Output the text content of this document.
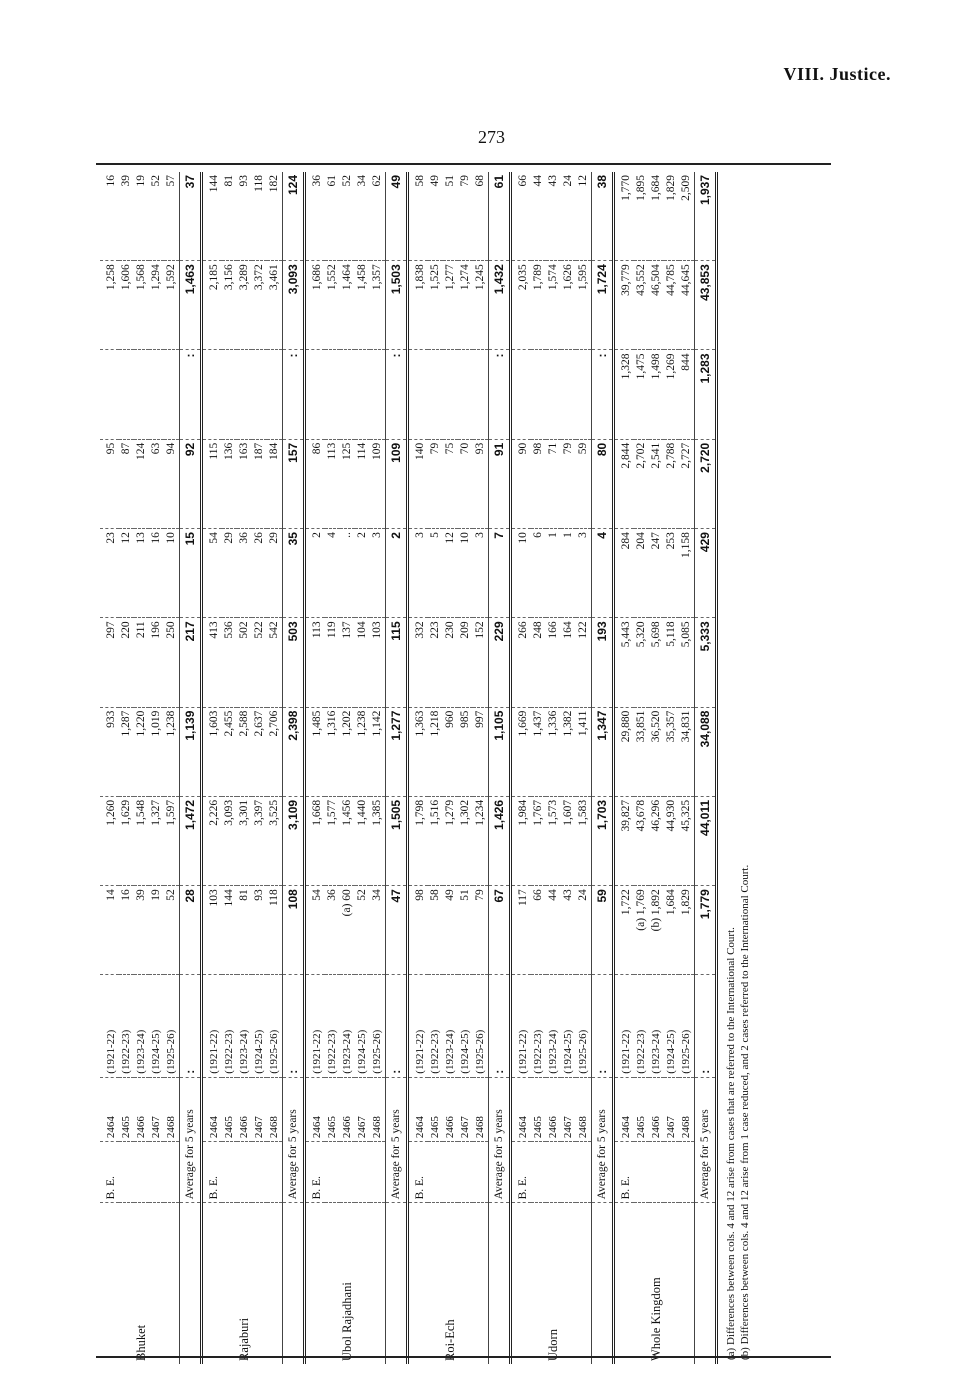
VIII. Justice.
273
	B. E.	2464	(1921-22)	14	1,260	933	297	23	95		1,258	16
		2465	(1922-23)	16	1,629	1,287	220	12	87		1,606	39
Bhuket		2466	(1923-24)	39	1,548	1,220	211	13	124		1,568	19
		2467	(1924-25)	19	1,327	1,019	196	16	63		1,294	52
		2468	(1925-26)	52	1,597	1,238	250	10	94		1,592	57
	Average for 5 years		:	28	1,472	1,139	217	15	92	:	1,463	37
	B. E.	2464	(1921-22)	103	2,226	1,603	413	54	115		2,185	144
		2465	(1922-23)	144	3,093	2,455	536	29	136		3,156	81
Rajaburi		2466	(1923-24)	81	3,301	2,588	502	36	163		3,289	93
		2467	(1924-25)	93	3,397	2,637	522	26	187		3,372	118
		2468	(1925-26)	118	3,525	2,706	542	29	184		3,461	182
	Average for 5 years		:	108	3,109	2,398	503	35	157	:	3,093	124
	B. E.	2464	(1921-22)	54	1,668	1,485	113	2	86		1,686	36
		2465	(1922-23)	36	1,577	1,316	119	4	113		1,552	61
Ubol Rajadhani		2466	(1923-24)	(a) 60	1,456	1,202	137	..	125		1,464	52
		2467	(1924-25)	52	1,440	1,238	104	2	114		1,458	34
		2468	(1925-26)	34	1,385	1,142	103	3	109		1,357	62
	Average for 5 years		:	47	1,505	1,277	115	2	109	:	1,503	49
	B. E.	2464	(1921-22)	98	1,798	1,363	332	3	140		1,838	58
		2465	(1922-23)	58	1,516	1,218	223	5	79		1,525	49
Roi-Ech		2466	(1923-24)	49	1,279	960	230	12	75		1,277	51
		2467	(1924-25)	51	1,302	985	209	10	70		1,274	79
		2468	(1925-26)	79	1,234	997	152	3	93		1,245	68
	Average for 5 years		:	67	1,426	1,105	229	7	91	:	1,432	61
	B. E.	2464	(1921-22)	117	1,984	1,669	266	10	90		2,035	66
		2465	(1922-23)	66	1,767	1,437	248	6	98		1,789	44
Udorn		2466	(1923-24)	44	1,573	1,336	166	1	71		1,574	43
		2467	(1924-25)	43	1,607	1,382	164	1	79		1,626	24
		2468	(1925-26)	24	1,583	1,411	122	3	59		1,595	12
	Average for 5 years		:	59	1,703	1,347	193	4	80	:	1,724	38
	B. E.	2464	(1921-22)	1,722	39,827	29,880	5,443	284	2,844	1,328	39,779	1,770
		2465	(1922-23)	(a) 1,769	43,678	33,851	5,320	204	2,702	1,475	43,552	1,895
Whole Kingdom		2466	(1923-24)	(b) 1,892	46,296	36,520	5,698	247	2,541	1,498	46,504	1,684
		2467	(1924-25)	1,684	44,930	35,357	5,118	253	2,788	1,269	44,785	1,829
		2468	(1925-26)	1,829	45,325	34,831	5,085	1,158	2,727	844	44,645	2,509
	Average for 5 years		:	1,779	44,011	34,088	5,333	429	2,720	1,283	43,853	1,937
(a) Differences between cols. 4 and 12 arise from cases that are referred to the International Court. (b) Differences between cols. 4 and 12 arise from 1 case reduced, and 2 cases referred to the International Court.
